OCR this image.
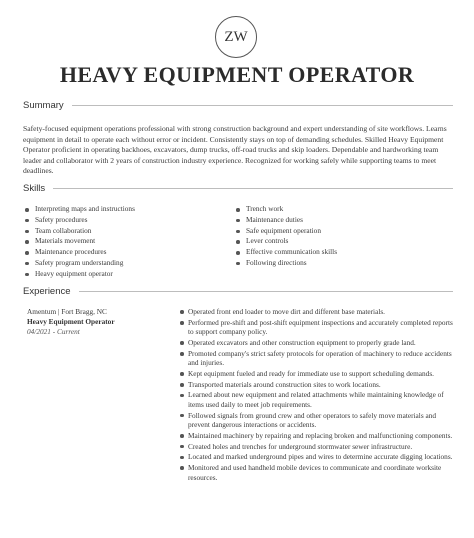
ZW
HEAVY EQUIPMENT OPERATOR
Summary
Safety-focused equipment operations professional with strong construction background and expert understanding of site workflows. Learns equipment in detail to operate each without error or incident. Consistently stays on top of demanding schedules. Skilled Heavy Equipment Operator proficient in operating backhoes, excavators, dump trucks, off-road trucks and skip loaders. Dependable and hardworking team leader and collaborator with 2 years of construction industry experience. Recognized for working safely while supporting teams to meet deadlines.
Skills
Interpreting maps and instructions
Safety procedures
Team collaboration
Materials movement
Maintenance procedures
Safety program understanding
Heavy equipment operator
Trench work
Maintenance duties
Safe equipment operation
Lever controls
Effective communication skills
Following directions
Experience
Amentum | Fort Bragg, NC
Heavy Equipment Operator
04/2021 - Current
Operated front end loader to move dirt and different base materials.
Performed pre-shift and post-shift equipment inspections and accurately completed reports to support company policy.
Operated excavators and other construction equipment to properly grade land.
Promoted company's strict safety protocols for operation of machinery to reduce accidents and injuries.
Kept equipment fueled and ready for immediate use to support scheduling demands.
Transported materials around construction sites to work locations.
Learned about new equipment and related attachments while maintaining knowledge of items used daily to meet job requirements.
Followed signals from ground crew and other operators to safely move materials and prevent dangerous interactions or accidents.
Maintained machinery by repairing and replacing broken and malfunctioning components.
Created holes and trenches for underground stormwater sewer infrastructure.
Located and marked underground pipes and wires to determine accurate digging locations.
Monitored and used handheld mobile devices to communicate and coordinate worksite resources.
